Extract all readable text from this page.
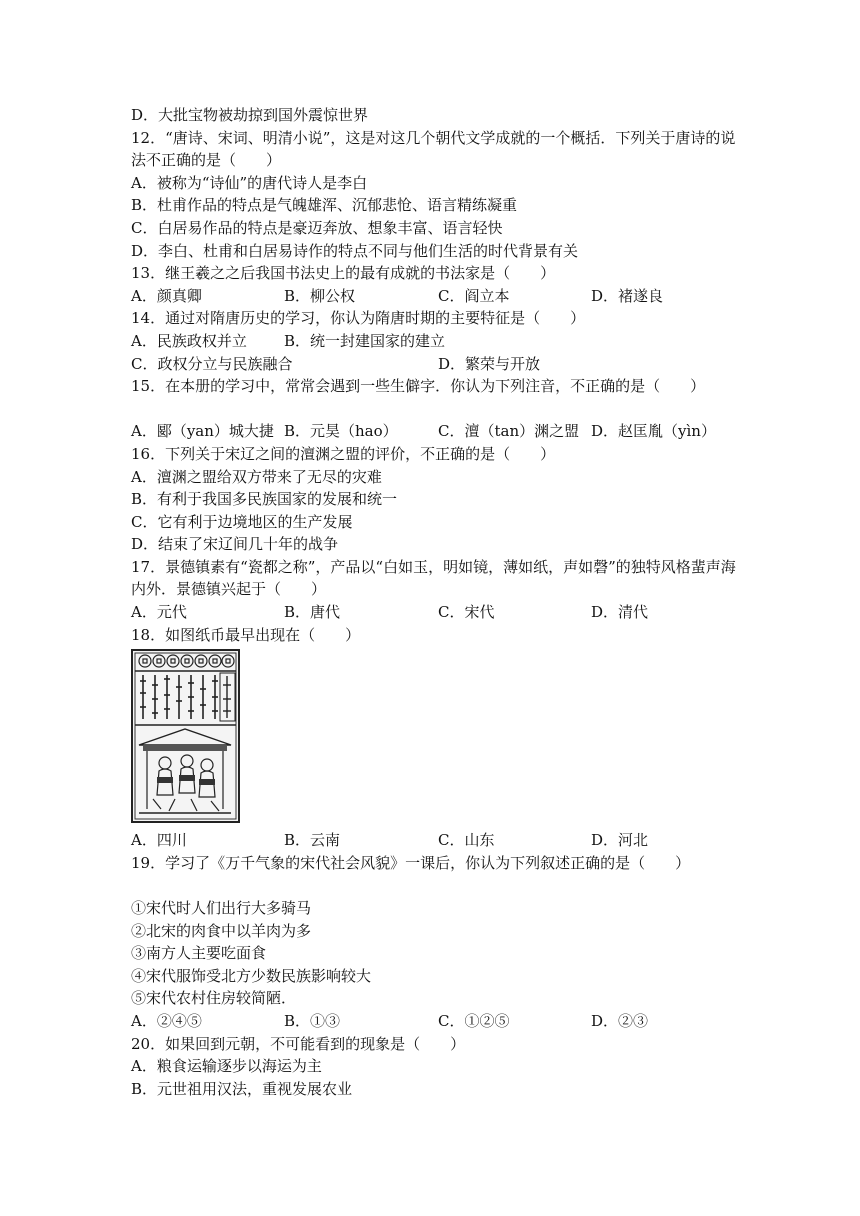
D．大批宝物被劫掠到国外震惊世界
12．“唐诗、宋词、明清小说”，这是对这几个朝代文学成就的一个概括．下列关于唐诗的说
法不正确的是（　　）
A．被称为“诗仙”的唐代诗人是李白
B．杜甫作品的特点是气魄雄浑、沉郁悲怆、语言精练凝重
C．白居易作品的特点是豪迈奔放、想象丰富、语言轻快
D．李白、杜甫和白居易诗作的特点不同与他们生活的时代背景有关
13．继王羲之之后我国书法史上的最有成就的书法家是（　　）
A．颜真卿	B．柳公权	C．阎立本	D．褚遂良
14．通过对隋唐历史的学习，你认为隋唐时期的主要特征是（　　）
A．民族政权并立	B．统一封建国家的建立
C．政权分立与民族融合	D．繁荣与开放
15．在本册的学习中，常常会遇到一些生僻字．你认为下列注音，不正确的是（　　）
A．郾（yan）城大捷 B．元昊（hao）	C．澶（tan）渊之盟 D．赵匡胤（yìn）
16．下列关于宋辽之间的澶渊之盟的评价，不正确的是（　　）
A．澶渊之盟给双方带来了无尽的灾难
B．有利于我国多民族国家的发展和统一
C．它有利于边境地区的生产发展
D．结束了宋辽间几十年的战争
17．景德镇素有“瓷都之称”，产品以“白如玉，明如镜，薄如纸，声如磬”的独特风格蜚声海
内外．景德镇兴起于（　　）
A．元代	B．唐代	C．宋代	D．清代
18．如图纸币最早出现在（　　）
A．四川	B．云南	C．山东	D．河北
19．学习了《万千气象的宋代社会风貌》一课后，你认为下列叙述正确的是（　　）
①宋代时人们出行大多骑马
②北宋的肉食中以羊肉为多
③南方人主要吃面食
④宋代服饰受北方少数民族影响较大
⑤宋代农村住房较简陋．
A．②④⑤	B．①③	C．①②⑤	D．②③
20．如果回到元朝，不可能看到的现象是（　　）
A．粮食运输逐步以海运为主
B．元世祖用汉法，重视发展农业
